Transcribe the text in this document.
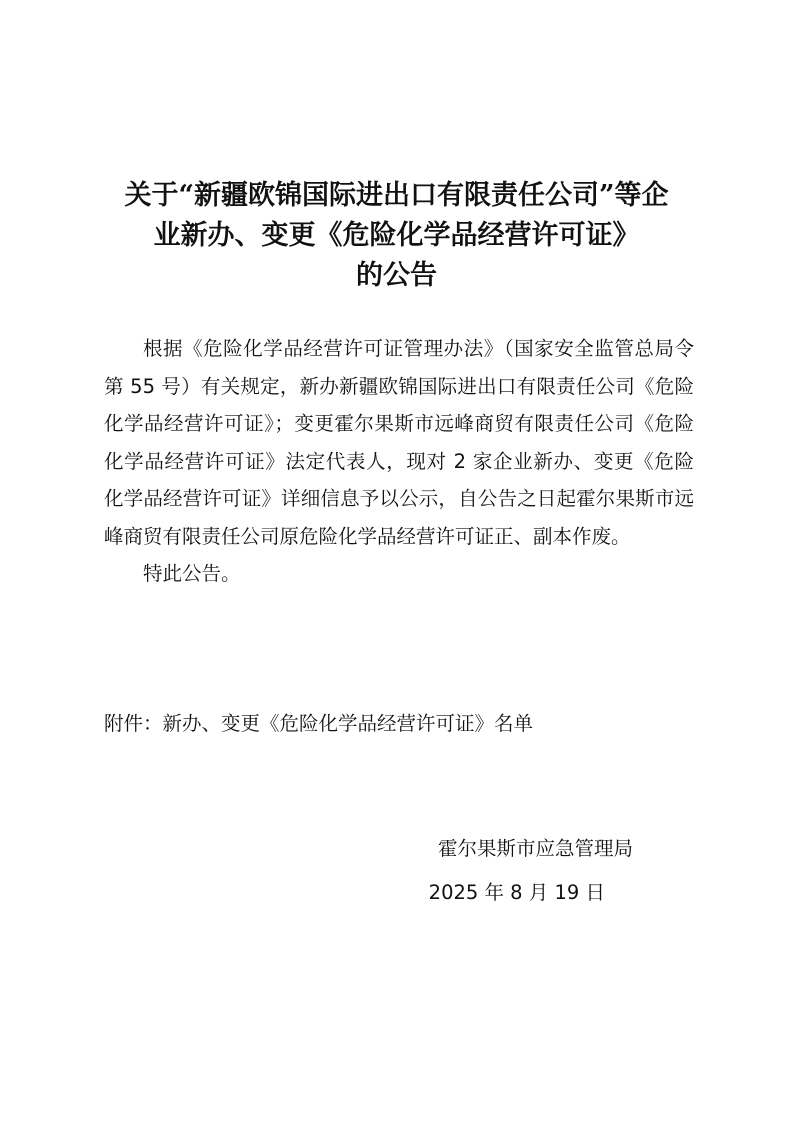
关于“新疆欧锦国际进出口有限责任公司”等企
业新办、变更《危险化学品经营许可证》
的公告

根据《危险化学品经营许可证管理办法》（国家安全监管总局令第 55 号）有关规定，新办新疆欧锦国际进出口有限责任公司《危险化学品经营许可证》；变更霍尔果斯市远峰商贸有限责任公司《危险化学品经营许可证》法定代表人，现对 2 家企业新办、变更《危险化学品经营许可证》详细信息予以公示，自公告之日起霍尔果斯市远峰商贸有限责任公司原危险化学品经营许可证正、副本作废。

特此公告。

附件：新办、变更《危险化学品经营许可证》名单
霍尔果斯市应急管理局
2025 年 8 月 19 日
